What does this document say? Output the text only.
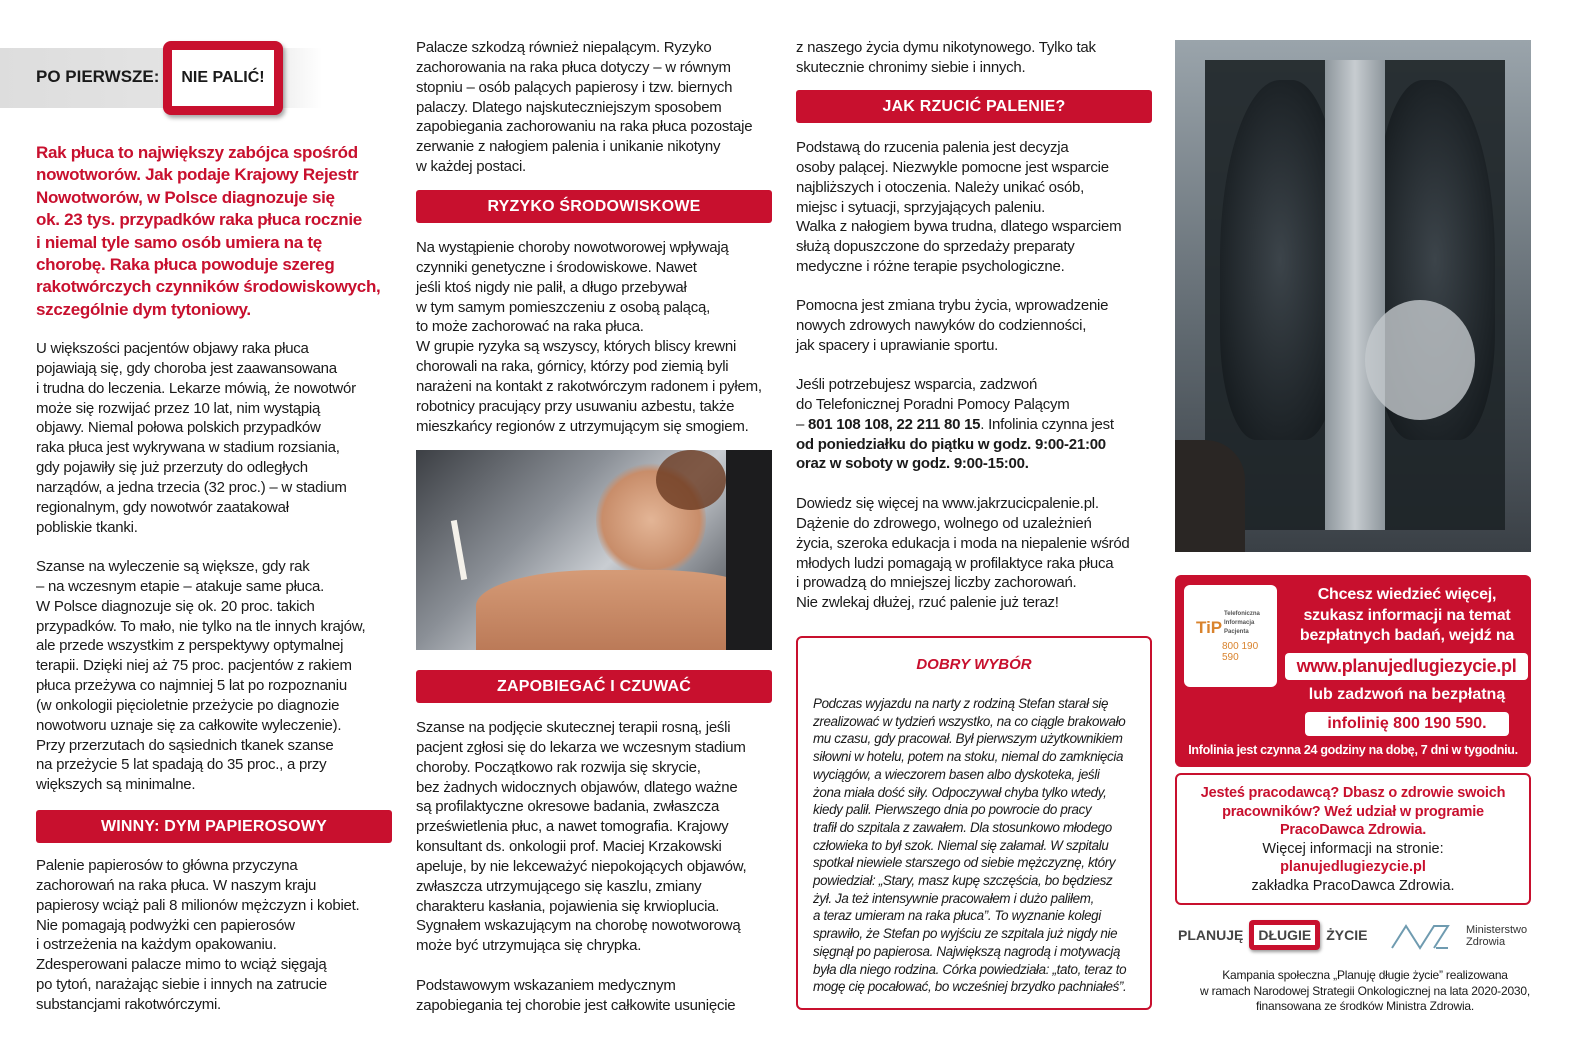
PO PIERWSZE:	NIE PALIĆ!
Rak płuca to największy zabójca spośród
nowotworów. Jak podaje Krajowy Rejestr
Nowotworów, w Polsce diagnozuje się
ok. 23 tys. przypadków raka płuca rocznie
i niemal tyle samo osób umiera na tę
chorobę. Raka płuca powoduje szereg
rakotwórczych czynników środowiskowych,
szczególnie dym tytoniowy.
U większości pacjentów objawy raka płuca
pojawiają się, gdy choroba jest zaawansowana
i trudna do leczenia. Lekarze mówią, że nowotwór
może się rozwijać przez 10 lat, nim wystąpią
objawy. Niemal połowa polskich przypadków
raka płuca jest wykrywana w stadium rozsiania,
gdy pojawiły się już przerzuty do odległych
narządów, a jedna trzecia (32 proc.) – w stadium
regionalnym, gdy nowotwór zaatakował
pobliskie tkanki.
Szanse na wyleczenie są większe, gdy rak
– na wczesnym etapie – atakuje same płuca.
W Polsce diagnozuje się ok. 20 proc. takich
przypadków. To mało, nie tylko na tle innych krajów,
ale przede wszystkim z perspektywy optymalnej
terapii. Dzięki niej aż 75 proc. pacjentów z rakiem
płuca przeżywa co najmniej 5 lat po rozpoznaniu
(w onkologii pięcioletnie przeżycie po diagnozie
nowotworu uznaje się za całkowite wyleczenie).
Przy przerzutach do sąsiednich tkanek szanse
na przeżycie 5 lat spadają do 35 proc., a przy
większych są minimalne.
WINNY: DYM PAPIEROSOWY
Palenie papierosów to główna przyczyna
zachorowań na raka płuca. W naszym kraju
papierosy wciąż pali 8 milionów mężczyzn i kobiet.
Nie pomagają podwyżki cen papierosów
i ostrzeżenia na każdym opakowaniu.
Zdesperowani palacze mimo to wciąż sięgają
po tytoń, narażając siebie i innych na zatrucie
substancjami rakotwórczymi.
Palacze szkodzą również niepalącym. Ryzyko
zachorowania na raka płuca dotyczy – w równym
stopniu – osób palących papierosy i tzw. biernych
palaczy. Dlatego najskuteczniejszym sposobem
zapobiegania zachorowaniu na raka płuca pozostaje
zerwanie z nałogiem palenia i unikanie nikotyny
w każdej postaci.
RYZYKO ŚRODOWISKOWE
Na wystąpienie choroby nowotworowej wpływają
czynniki genetyczne i środowiskowe. Nawet
jeśli ktoś nigdy nie palił, a długo przebywał
w tym samym pomieszczeniu z osobą palącą,
to może zachorować na raka płuca.
W grupie ryzyka są wszyscy, których bliscy krewni
chorowali na raka, górnicy, którzy pod ziemią byli
narażeni na kontakt z rakotwórczym radonem i pyłem,
robotnicy pracujący przy usuwaniu azbestu, także
mieszkańcy regionów z utrzymującym się smogiem.
ZAPOBIEGAĆ I CZUWAĆ
Szanse na podjęcie skutecznej terapii rosną, jeśli
pacjent zgłosi się do lekarza we wczesnym stadium
choroby. Początkowo rak rozwija się skrycie,
bez żadnych widocznych objawów, dlatego ważne
są profilaktyczne okresowe badania, zwłaszcza
prześwietlenia płuc, a nawet tomografia. Krajowy
konsultant ds. onkologii prof. Maciej Krzakowski
apeluje, by nie lekceważyć niepokojących objawów,
zwłaszcza utrzymującego się kaszlu, zmiany
charakteru kasłania, pojawienia się krwioplucia.
Sygnałem wskazującym na chorobę nowotworową
może być utrzymująca się chrypka.
Podstawowym wskazaniem medycznym
zapobiegania tej chorobie jest całkowite usunięcie
z naszego życia dymu nikotynowego. Tylko tak
skutecznie chronimy siebie i innych.
JAK RZUCIĆ PALENIE?
Podstawą do rzucenia palenia jest decyzja
osoby palącej. Niezwykle pomocne jest wsparcie
najbliższych i otoczenia. Należy unikać osób,
miejsc i sytuacji, sprzyjających paleniu.
Walka z nałogiem bywa trudna, dlatego wsparciem
służą dopuszczone do sprzedaży preparaty
medyczne i różne terapie psychologiczne.
Pomocna jest zmiana trybu życia, wprowadzenie
nowych zdrowych nawyków do codzienności,
jak spacery i uprawianie sportu.
Jeśli potrzebujesz wsparcia, zadzwoń
do Telefonicznej Poradni Pomocy Palącym
– 801 108 108, 22 211 80 15. Infolinia czynna jest
od poniedziałku do piątku w godz. 9:00-21:00
oraz w soboty w godz. 9:00-15:00.
Dowiedz się więcej na www.jakrzucicpalenie.pl.
Dążenie do zdrowego, wolnego od uzależnień
życia, szeroka edukacja i moda na niepalenie wśród
młodych ludzi pomagają w profilaktyce raka płuca
i prowadzą do mniejszej liczby zachorowań.
Nie zwlekaj dłużej, rzuć palenie już teraz!
DOBRY WYBÓR
Podczas wyjazdu na narty z rodziną Stefan starał się
zrealizować w tydzień wszystko, na co ciągle brakowało
mu czasu, gdy pracował. Był pierwszym użytkownikiem
siłowni w hotelu, potem na stoku, niemal do zamknięcia
wyciągów, a wieczorem basen albo dyskoteka, jeśli
żona miała dość siły. Odpoczywał chyba tylko wtedy,
kiedy palił. Pierwszego dnia po powrocie do pracy
trafił do szpitala z zawałem. Dla stosunkowo młodego
człowieka to był szok. Niemal się załamał. W szpitalu
spotkał niewiele starszego od siebie mężczyznę, który
powiedział: „Stary, masz kupę szczęścia, bo będziesz
żył. Ja też intensywnie pracowałem i dużo paliłem,
a teraz umieram na raka płuca”. To wyznanie kolegi
sprawiło, że Stefan po wyjściu ze szpitala już nigdy nie
sięgnął po papierosa. Największą nagrodą i motywacją
była dla niego rodzina. Córka powiedziała: „tato, teraz to
mogę cię pocałować, bo wcześniej brzydko pachniałeś”.
TiP
Telefoniczna
Informacja
Pacjenta
800 190 590
Chcesz wiedzieć więcej,
szukasz informacji na temat
bezpłatnych badań, wejdź na
www.planujedlugiezycie.pl
lub zadzwoń na bezpłatną
infolinię 800 190 590.
Infolinia jest czynna 24 godziny na dobę, 7 dni w tygodniu.
Jesteś pracodawcą? Dbasz o zdrowie swoich
pracowników? Weź udział w programie
PracoDawca Zdrowia.
Więcej informacji na stronie:
planujedlugiezycie.pl
zakładka PracoDawca Zdrowia.
PLANUJĘ DŁUGIE ŻYCIE	Ministerstwo
Zdrowia
Kampania społeczna „Planuję długie życie” realizowana
w ramach Narodowej Strategii Onkologicznej na lata 2020-2030,
finansowana ze środków Ministra Zdrowia.
